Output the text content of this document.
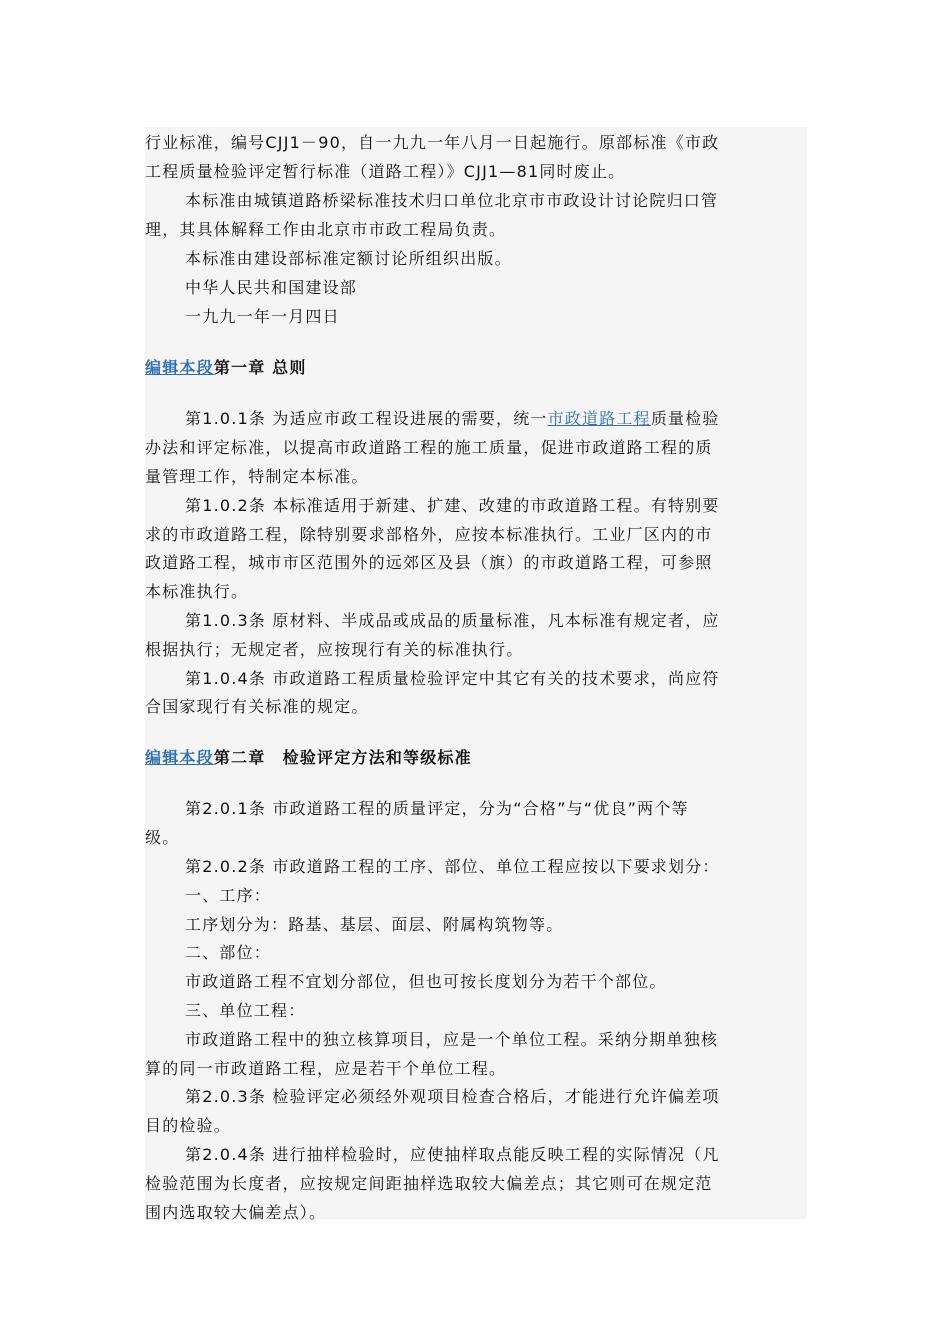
行业标准，编号CJJ1－90，自一九九一年八月一日起施行。原部标准《市政
工程质量检验评定暂行标准（道路工程）》CJJ1—81同时废止。
本标准由城镇道路桥梁标准技术归口单位北京市市政设计讨论院归口管
理，其具体解释工作由北京市市政工程局负责。
本标准由建设部标准定额讨论所组织出版。
中华人民共和国建设部
一九九一年一月四日
编辑本段第一章 总则
第1.0.1条 为适应市政工程设进展的需要，统一市政道路工程质量检验
办法和评定标准，以提高市政道路工程的施工质量，促进市政道路工程的质
量管理工作，特制定本标准。
第1.0.2条 本标准适用于新建、扩建、改建的市政道路工程。有特别要
求的市政道路工程，除特别要求部格外，应按本标准执行。工业厂区内的市
政道路工程，城市市区范围外的远郊区及县（旗）的市政道路工程，可参照
本标准执行。
第1.0.3条 原材料、半成品或成品的质量标准，凡本标准有规定者，应
根据执行；无规定者，应按现行有关的标准执行。
第1.0.4条 市政道路工程质量检验评定中其它有关的技术要求，尚应符
合国家现行有关标准的规定。
编辑本段第二章　检验评定方法和等级标准
第2.0.1条 市政道路工程的质量评定，分为“合格”与“优良”两个等
级。
第2.0.2条 市政道路工程的工序、部位、单位工程应按以下要求划分：
一、工序：
工序划分为：路基、基层、面层、附属构筑物等。
二、部位：
市政道路工程不宜划分部位，但也可按长度划分为若干个部位。
三、单位工程：
市政道路工程中的独立核算项目，应是一个单位工程。采纳分期单独核
算的同一市政道路工程，应是若干个单位工程。
第2.0.3条 检验评定必须经外观项目检查合格后，才能进行允许偏差项
目的检验。
第2.0.4条 进行抽样检验时，应使抽样取点能反映工程的实际情况（凡
检验范围为长度者，应按规定间距抽样选取较大偏差点；其它则可在规定范
围内选取较大偏差点）。
